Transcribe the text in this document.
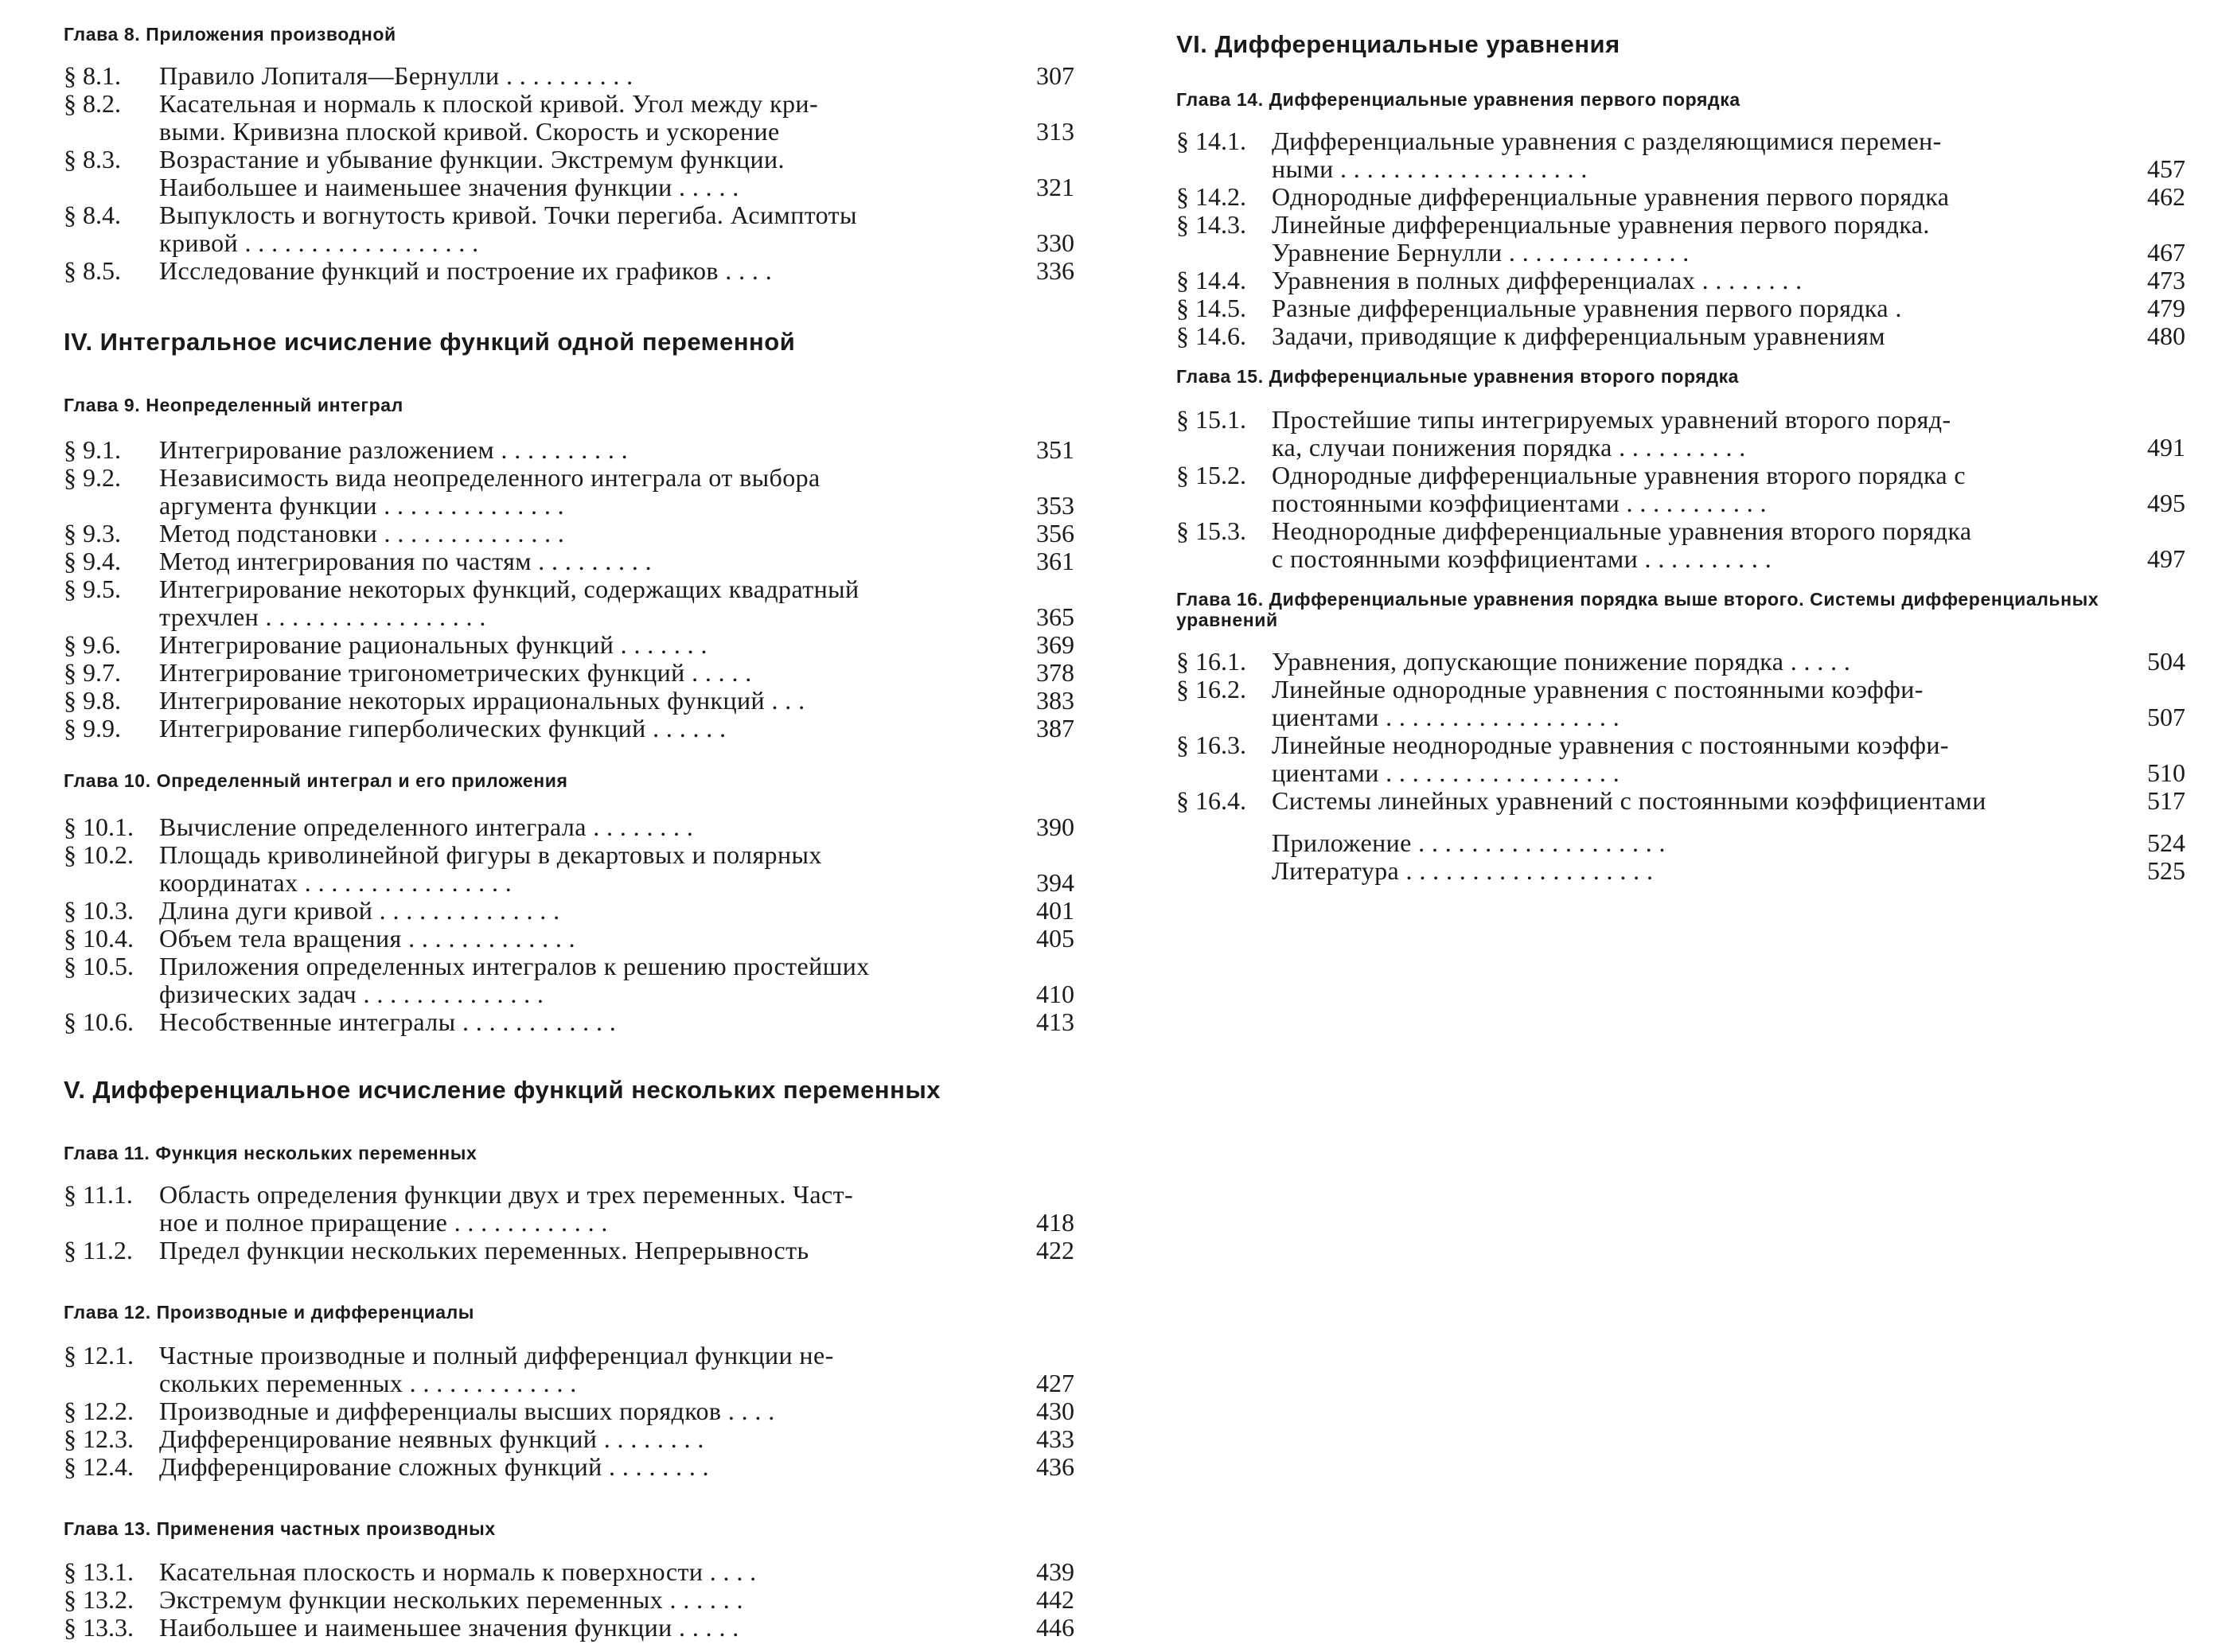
Глава 8. Приложения производной
§ 8.1. Правило Лопиталя—Бернулли . . . . . . . . . .	307
§ 8.2. Касательная и нормаль к плоской кривой. Угол между кри-
выми. Кривизна плоской кривой. Скорость и ускорение	313
§ 8.3. Возрастание и убывание функции. Экстремум функции.
Наибольшее и наименьшее значения функции . . . . .	321
§ 8.4. Выпуклость и вогнутость кривой. Точки перегиба. Асимптоты
кривой . . . . . . . . . . . . . . . . . .	330
§ 8.5. Исследование функций и построение их графиков . . . .	336
IV. Интегральное исчисление функций одной переменной
Глава 9. Неопределенный интеграл
§ 9.1. Интегрирование разложением . . . . . . . . . .	351
§ 9.2. Независимость вида неопределенного интеграла от выбора
аргумента функции . . . . . . . . . . . . . .	353
§ 9.3. Метод подстановки . . . . . . . . . . . . . .	356
§ 9.4. Метод интегрирования по частям . . . . . . . . .	361
§ 9.5. Интегрирование некоторых функций, содержащих квадратный
трехчлен . . . . . . . . . . . . . . . . .	365
§ 9.6. Интегрирование рациональных функций . . . . . . .	369
§ 9.7. Интегрирование тригонометрических функций . . . . .	378
§ 9.8. Интегрирование некоторых иррациональных функций . . .	383
§ 9.9. Интегрирование гиперболических функций . . . . . .	387
Глава 10. Определенный интеграл и его приложения
§ 10.1. Вычисление определенного интеграла . . . . . . . .	390
§ 10.2. Площадь криволинейной фигуры в декартовых и полярных
координатах . . . . . . . . . . . . . . . .	394
§ 10.3. Длина дуги кривой . . . . . . . . . . . . . .	401
§ 10.4. Объем тела вращения . . . . . . . . . . . . .	405
§ 10.5. Приложения определенных интегралов к решению простейших
физических задач . . . . . . . . . . . . . .	410
§ 10.6. Несобственные интегралы . . . . . . . . . . . .	413
V. Дифференциальное исчисление функций нескольких переменных
Глава 11. Функция нескольких переменных
§ 11.1. Область определения функции двух и трех переменных. Част-
ное и полное приращение . . . . . . . . . . . .	418
§ 11.2. Предел функции нескольких переменных. Непрерывность	422
Глава 12. Производные и дифференциалы
§ 12.1. Частные производные и полный дифференциал функции не-
скольких переменных . . . . . . . . . . . . .	427
§ 12.2. Производные и дифференциалы высших порядков . . . .	430
§ 12.3. Дифференцирование неявных функций . . . . . . . .	433
§ 12.4. Дифференцирование сложных функций . . . . . . . .	436
Глава 13. Применения частных производных
§ 13.1. Касательная плоскость и нормаль к поверхности . . . .	439
§ 13.2. Экстремум функции нескольких переменных . . . . . .	442
§ 13.3. Наибольшее и наименьшее значения функции . . . . .	446
VI. Дифференциальные уравнения
Глава 14. Дифференциальные уравнения первого порядка
§ 14.1. Дифференциальные уравнения с разделяющимися перемен-
ными . . . . . . . . . . . . . . . . . . .	457
§ 14.2. Однородные дифференциальные уравнения первого порядка	462
§ 14.3. Линейные дифференциальные уравнения первого порядка.
Уравнение Бернулли . . . . . . . . . . . . . .	467
§ 14.4. Уравнения в полных дифференциалах . . . . . . . .	473
§ 14.5. Разные дифференциальные уравнения первого порядка .	479
§ 14.6. Задачи, приводящие к дифференциальным уравнениям	480
Глава 15. Дифференциальные уравнения второго порядка
§ 15.1. Простейшие типы интегрируемых уравнений второго поряд-
ка, случаи понижения порядка . . . . . . . . . .	491
§ 15.2. Однородные дифференциальные уравнения второго порядка с
постоянными коэффициентами . . . . . . . . . . .	495
§ 15.3. Неоднородные дифференциальные уравнения второго порядка
с постоянными коэффициентами . . . . . . . . . .	497
Глава 16. Дифференциальные уравнения порядка выше второго. Системы дифференциальных уравнений
§ 16.1. Уравнения, допускающие понижение порядка . . . . .	504
§ 16.2. Линейные однородные уравнения с постоянными коэффи-
циентами . . . . . . . . . . . . . . . . . .	507
§ 16.3. Линейные неоднородные уравнения с постоянными коэффи-
циентами . . . . . . . . . . . . . . . . . .	510
§ 16.4. Системы линейных уравнений с постоянными коэффициентами	517
Приложение . . . . . . . . . . . . . . . . . . .	524
Литература . . . . . . . . . . . . . . . . . . .	525
